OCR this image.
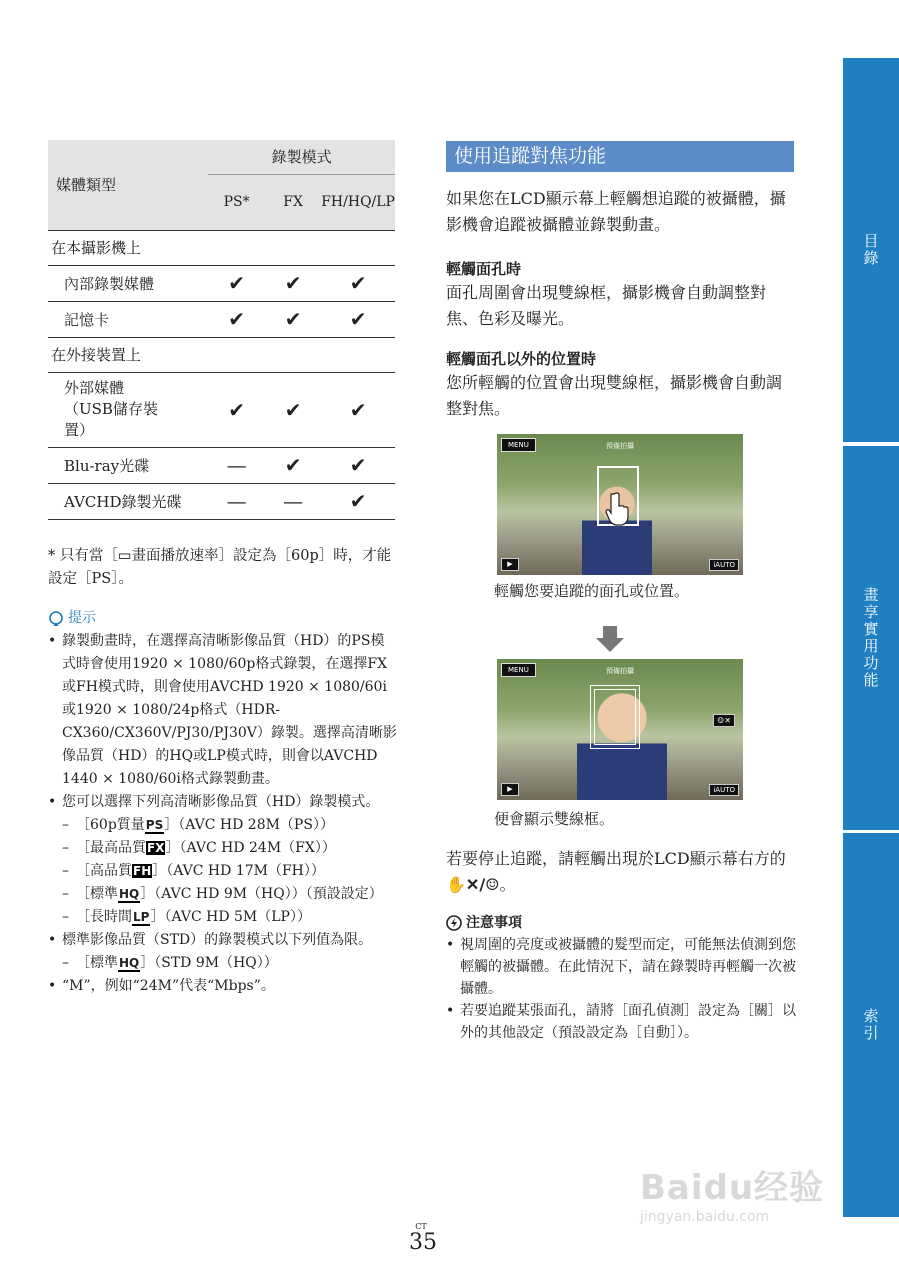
目錄
畫享實用功能
索引
媒體類型	錄製模式		
	PS*	FX	FH/HQ/LP
在本攝影機上			
內部錄製媒體	✔	✔	✔
記憶卡	✔	✔	✔
在外接裝置上			
外部媒體（USB儲存裝置）	✔	✔	✔
Blu-ray光碟	—	✔	✔
AVCHD錄製光碟	—	—	✔
* 只有當［▭畫面播放速率］設定為［60p］時，才能設定［PS］。
提示
• 錄製動畫時，在選擇高清晰影像品質（HD）的PS模式時會使用1920 × 1080/60p格式錄製，在選擇FX或FH模式時，則會使用AVCHD 1920 × 1080/60i或1920 × 1080/24p格式（HDR-CX360/CX360V/PJ30/PJ30V）錄製。選擇高清晰影像品質（HD）的HQ或LP模式時，則會以AVCHD 1440 × 1080/60i格式錄製動畫。
• 您可以選擇下列高清晰影像品質（HD）錄製模式。
– ［60p質量PS］（AVC HD 28M（PS））
– ［最高品質FX］（AVC HD 24M（FX））
– ［高品質FH］（AVC HD 17M（FH））
– ［標準HQ］（AVC HD 9M（HQ））（預設設定）
– ［長時間LP］（AVC HD 5M（LP））
• 標準影像品質（STD）的錄製模式以下列值為限。
– ［標準HQ］（STD 9M（HQ））
• “M”，例如“24M”代表“Mbps”。
使用追蹤對焦功能
如果您在LCD顯示幕上輕觸想追蹤的被攝體，攝影機會追蹤被攝體並錄製動畫。
輕觸面孔時
面孔周圍會出現雙線框，攝影機會自動調整對焦、色彩及曝光。
輕觸面孔以外的位置時
您所輕觸的位置會出現雙線框，攝影機會自動調整對焦。
MENU	預備拍攝
▶	iAUTO
輕觸您要追蹤的面孔或位置。
MENU	預備拍攝
☺✕
▶	iAUTO
便會顯示雙線框。
若要停止追蹤，請輕觸出現於LCD顯示幕右方的✋✕/☺。
注意事項
• 視周圍的亮度或被攝體的髮型而定，可能無法偵測到您輕觸的被攝體。在此情況下，請在錄製時再輕觸一次被攝體。
• 若要追蹤某張面孔，請將［面孔偵測］設定為［關］以外的其他設定（預設設定為［自動］）。
CT
35
Baidu经验
jingyan.baidu.com
